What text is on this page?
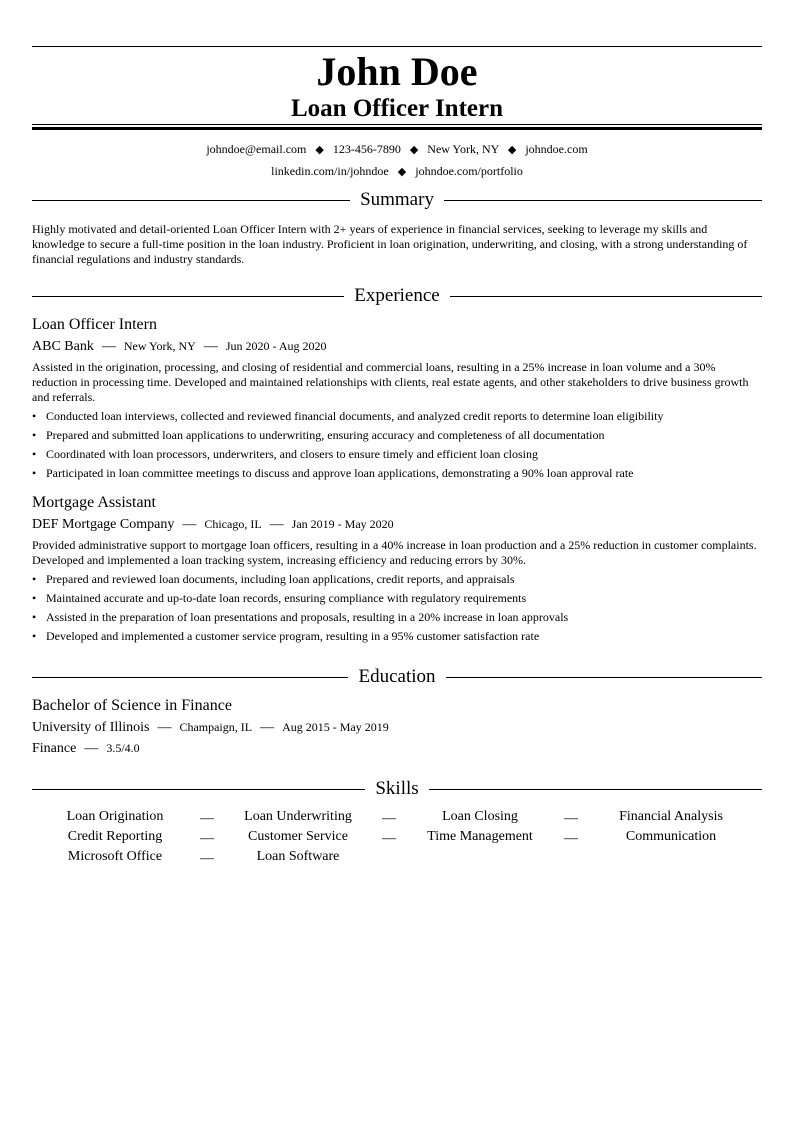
John Doe
Loan Officer Intern
johndoe@email.com ◆ 123-456-7890 ◆ New York, NY ◆ johndoe.com
linkedin.com/in/johndoe ◆ johndoe.com/portfolio
Summary
Highly motivated and detail-oriented Loan Officer Intern with 2+ years of experience in financial services, seeking to leverage my skills and knowledge to secure a full-time position in the loan industry. Proficient in loan origination, underwriting, and closing, with a strong understanding of financial regulations and industry standards.
Experience
Loan Officer Intern
ABC Bank — New York, NY — Jun 2020 - Aug 2020
Assisted in the origination, processing, and closing of residential and commercial loans, resulting in a 25% increase in loan volume and a 30% reduction in processing time. Developed and maintained relationships with clients, real estate agents, and other stakeholders to drive business growth and referrals.
• Conducted loan interviews, collected and reviewed financial documents, and analyzed credit reports to determine loan eligibility
• Prepared and submitted loan applications to underwriting, ensuring accuracy and completeness of all documentation
• Coordinated with loan processors, underwriters, and closers to ensure timely and efficient loan closing
• Participated in loan committee meetings to discuss and approve loan applications, demonstrating a 90% loan approval rate
Mortgage Assistant
DEF Mortgage Company — Chicago, IL — Jan 2019 - May 2020
Provided administrative support to mortgage loan officers, resulting in a 40% increase in loan production and a 25% reduction in customer complaints. Developed and implemented a loan tracking system, increasing efficiency and reducing errors by 30%.
• Prepared and reviewed loan documents, including loan applications, credit reports, and appraisals
• Maintained accurate and up-to-date loan records, ensuring compliance with regulatory requirements
• Assisted in the preparation of loan presentations and proposals, resulting in a 20% increase in loan approvals
• Developed and implemented a customer service program, resulting in a 95% customer satisfaction rate
Education
Bachelor of Science in Finance
University of Illinois — Champaign, IL — Aug 2015 - May 2019
Finance — 3.5/4.0
Skills
Loan Origination	—	Loan Underwriting	—	Loan Closing	—	Financial Analysis
Credit Reporting	—	Customer Service	—	Time Management	—	Communication
Microsoft Office	—	Loan Software
